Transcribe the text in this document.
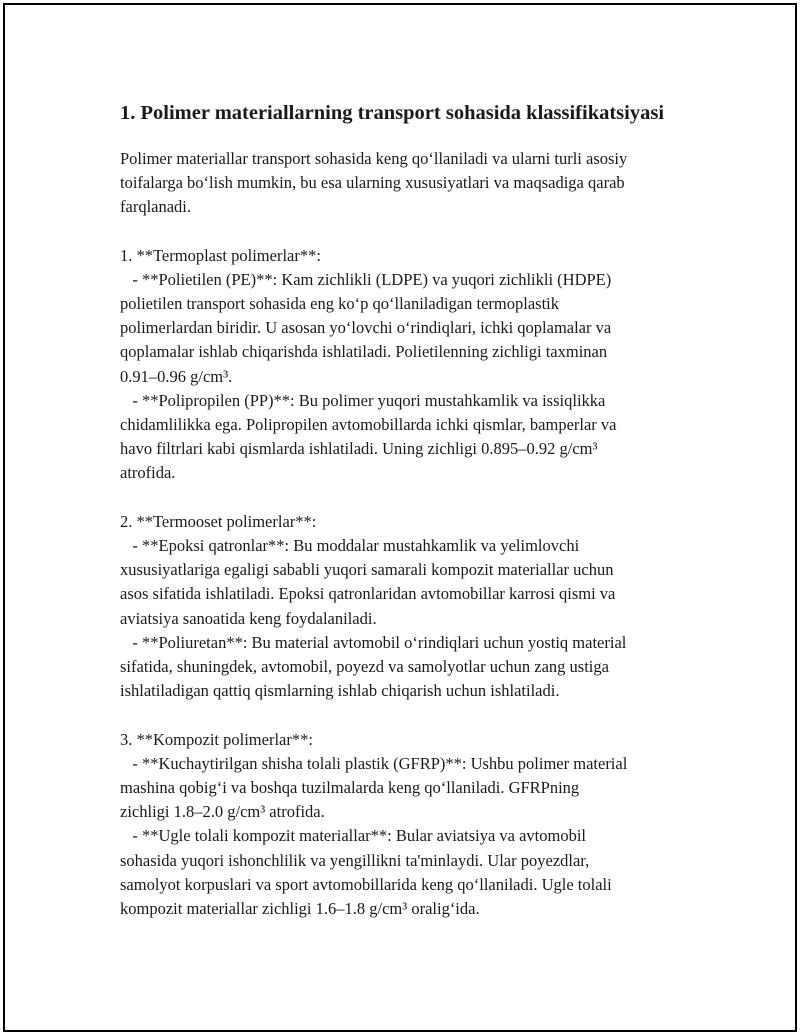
1. Polimer materiallarning transport sohasida klassifikatsiyasi
Polimer materiallar transport sohasida keng qo‘llaniladi va ularni turli asosiy
toifalarga bo‘lish mumkin, bu esa ularning xususiyatlari va maqsadiga qarab
farqlanadi.
1. **Termoplast polimerlar**:
- **Polietilen (PE)**: Kam zichlikli (LDPE) va yuqori zichlikli (HDPE)
polietilen transport sohasida eng ko‘p qo‘llaniladigan termoplastik
polimerlardan biridir. U asosan yo‘lovchi o‘rindiqlari, ichki qoplamalar va
qoplamalar ishlab chiqarishda ishlatiladi. Polietilenning zichligi taxminan
0.91–0.96 g/cm³.
- **Polipropilen (PP)**: Bu polimer yuqori mustahkamlik va issiqlikka
chidamlilikka ega. Polipropilen avtomobillarda ichki qismlar, bamperlar va
havo filtrlari kabi qismlarda ishlatiladi. Uning zichligi 0.895–0.92 g/cm³
atrofida.
2. **Termooset polimerlar**:
- **Epoksi qatronlar**: Bu moddalar mustahkamlik va yelimlovchi
xususiyatlariga egaligi sababli yuqori samarali kompozit materiallar uchun
asos sifatida ishlatiladi. Epoksi qatronlaridan avtomobillar karrosi qismi va
aviatsiya sanoatida keng foydalaniladi.
- **Poliuretan**: Bu material avtomobil o‘rindiqlari uchun yostiq material
sifatida, shuningdek, avtomobil, poyezd va samolyotlar uchun zang ustiga
ishlatiladigan qattiq qismlarning ishlab chiqarish uchun ishlatiladi.
3. **Kompozit polimerlar**:
- **Kuchaytirilgan shisha tolali plastik (GFRP)**: Ushbu polimer material
mashina qobig‘i va boshqa tuzilmalarda keng qo‘llaniladi. GFRPning
zichligi 1.8–2.0 g/cm³ atrofida.
- **Ugle tolali kompozit materiallar**: Bular aviatsiya va avtomobil
sohasida yuqori ishonchlilik va yengillikni ta'minlaydi. Ular poyezdlar,
samolyot korpuslari va sport avtomobillarida keng qo‘llaniladi. Ugle tolali
kompozit materiallar zichligi 1.6–1.8 g/cm³ oralig‘ida.
